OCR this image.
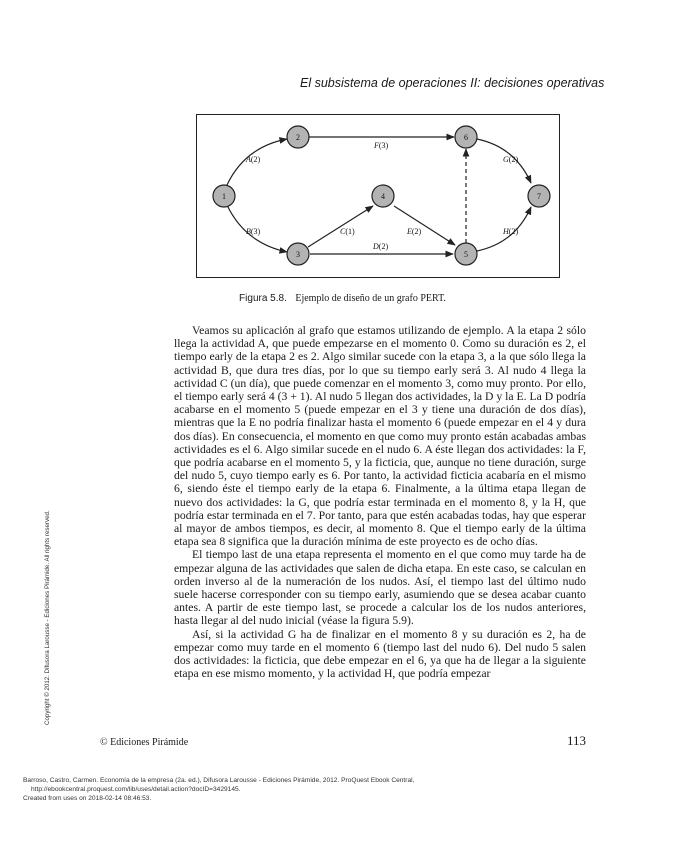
El subsistema de operaciones II: decisiones operativas
A(2)
B(3)
F(3)
C(1)	E(2)
D(2)
G(2)
H(2)
1
2
3
4
5
6
7
Figura 5.8. Ejemplo de diseño de un grafo PERT.

Veamos su aplicación al grafo que estamos utilizando de ejemplo. A la etapa 2 sólo llega la actividad A, que puede empezarse en el momento 0. Como su duración es 2, el tiempo early de la etapa 2 es 2. Algo similar sucede con la etapa 3, a la que sólo llega la actividad B, que dura tres días, por lo que su tiempo early será 3. Al nudo 4 llega la actividad C (un día), que puede comenzar en el momento 3, como muy pronto. Por ello, el tiempo early será 4 (3 + 1). Al nudo 5 llegan dos actividades, la D y la E. La D podría acabarse en el momento 5 (puede empezar en el 3 y tiene una duración de dos días), mientras que la E no podría finalizar hasta el momento 6 (puede empezar en el 4 y dura dos días). En consecuencia, el momento en que como muy pronto están acabadas ambas actividades es el 6. Algo similar sucede en el nudo 6. A éste llegan dos actividades: la F, que podría acabarse en el momento 5, y la ficticia, que, aunque no tiene duración, surge del nudo 5, cuyo tiempo early es 6. Por tanto, la actividad ficticia acabaría en el mismo 6, siendo éste el tiempo early de la etapa 6. Finalmente, a la última etapa llegan de nuevo dos actividades: la G, que podría estar terminada en el momento 8, y la H, que podría estar terminada en el 7. Por tanto, para que estén acabadas todas, hay que esperar al mayor de ambos tiempos, es decir, al momento 8. Que el tiempo early de la última etapa sea 8 significa que la duración mínima de este proyecto es de ocho días.

El tiempo last de una etapa representa el momento en el que como muy tarde ha de empezar alguna de las actividades que salen de dicha etapa. En este caso, se calculan en orden inverso al de la numeración de los nudos. Así, el tiempo last del último nudo suele hacerse corresponder con su tiempo early, asumiendo que se desea acabar cuanto antes. A partir de este tiempo last, se procede a calcular los de los nudos anteriores, hasta llegar al del nudo inicial (véase la figura 5.9).

Así, si la actividad G ha de finalizar en el momento 8 y su duración es 2, ha de empezar como muy tarde en el momento 6 (tiempo last del nudo 6). Del nudo 5 salen dos actividades: la ficticia, que debe empezar en el 6, ya que ha de llegar a la siguiente etapa en ese mismo momento, y la actividad H, que podría empezar

© Ediciones Pirámide	113
Copyright © 2012. Difusora Larousse - Ediciones Pirámide. All rights reserved.
Barroso, Castro, Carmen. Economía de la empresa (2a. ed.), Difusora Larousse - Ediciones Pirámide, 2012. ProQuest Ebook Central,
http://ebookcentral.proquest.com/lib/uses/detail.action?docID=3429145.
Created from uses on 2018-02-14 08:46:53.
